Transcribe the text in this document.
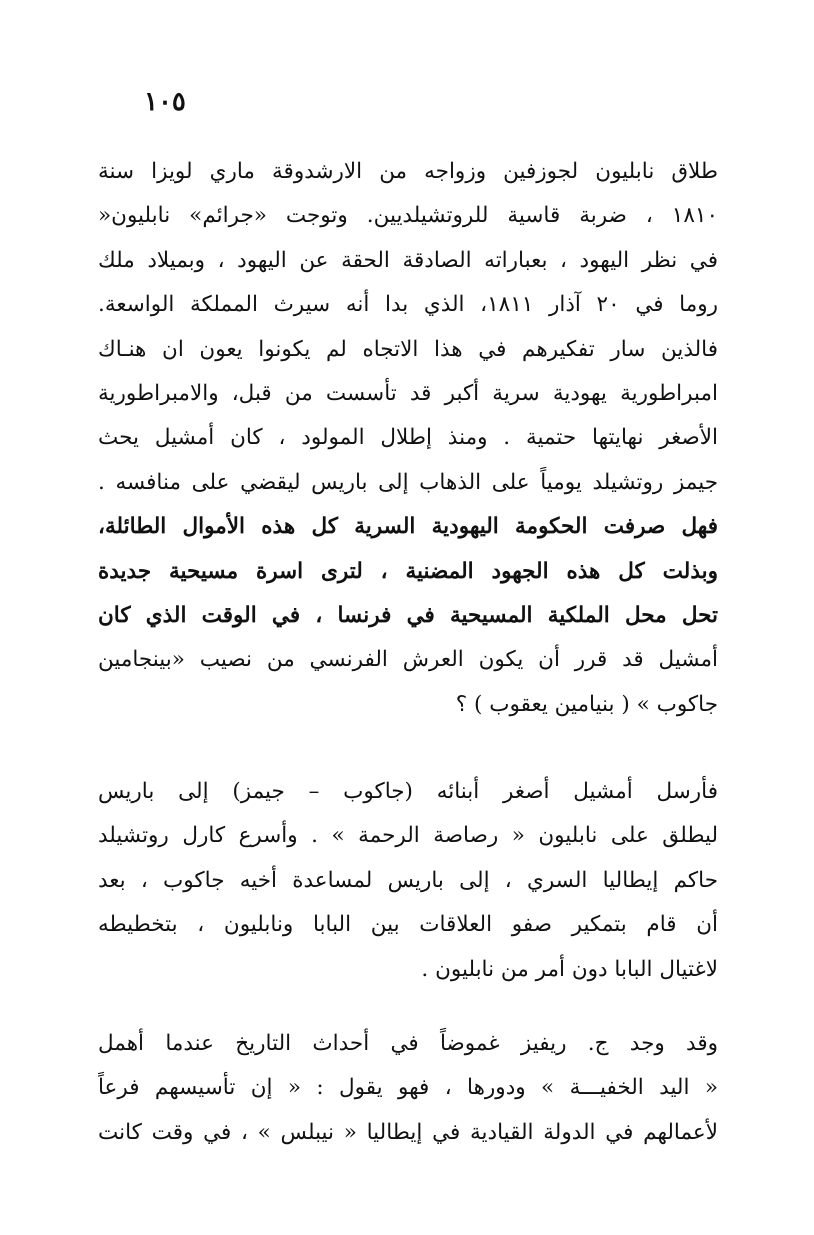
١٠٥
طلاق نابليون لجوزفين وزواجه من الارشدوقة ماري لويزا سنة
١٨١٠ ، ضربة قاسية للروتشيلديين. وتوجت «جرائم» نابليون«
في نظر اليهود ، بعباراته الصادقة الحقة عن اليهود ، وبميلاد ملك
روما في ٢٠ آذار ١٨١١، الذي بدا أنه سيرث المملكة الواسعة.
فالذين سار تفكيرهم في هذا الاتجاه لم يكونوا يعون ان هنـاك
امبراطورية يهودية سرية أكبر قد تأسست من قبل، والامبراطورية
الأصغر نهايتها حتمية . ومنذ إطلال المولود ، كان أمشيل يحث
جيمز روتشيلد يومياً على الذهاب إلى باريس ليقضي على منافسه .
فهل صرفت الحكومة اليهودية السرية كل هذه الأموال الطائلة،
وبذلت كل هذه الجهود المضنية ، لترى اسرة مسيحية جديدة
تحل محل الملكية المسيحية في فرنسا ، في الوقت الذي كان
أمشيل قد قرر أن يكون العرش الفرنسي من نصيب «بينجامين
جاكوب » ( بنيامين يعقوب ) ؟
فأرسل أمشيل أصغر أبنائه (جاكوب – جيمز) إلى باريس
ليطلق على نابليون « رصاصة الرحمة » . وأسرع كارل روتشيلد
حاكم إيطاليا السري ، إلى باريس لمساعدة أخيه جاكوب ، بعد
أن قام بتمكير صفو العلاقات بين البابا ونابليون ، بتخطيطه
لاغتيال البابا دون أمر من نابليون .
وقد وجد ج. ريفيز غموضاً في أحداث التاريخ عندما أهمل
« اليد الخفيـــة » ودورها ، فهو يقول : « إن تأسيسهم فرعاً
لأعمالهم في الدولة القيادية في إيطاليا « نيبلس » ، في وقت كانت
